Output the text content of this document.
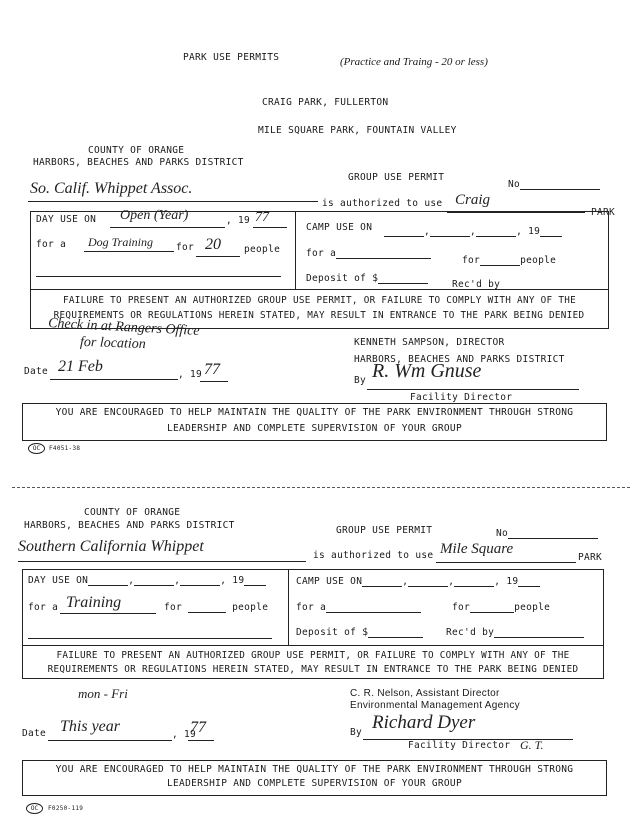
PARK USE PERMITS	(Practice and Traing - 20 or less)
CRAIG PARK, FULLERTON
MILE SQUARE PARK, FOUNTAIN VALLEY
COUNTY OF ORANGE
HARBORS, BEACHES AND PARKS DISTRICT
GROUP USE PERMIT
No
So. Calif. Whippet Assoc.
is authorized to use Craig
PARK
DAY USE ON Open (Year)	, 19 77
for a Dog Training for 20 people
CAMP USE ON	,	,	, 19
for a
for	people
Deposit of $
Rec'd by
FAILURE TO PRESENT AN AUTHORIZED GROUP USE PERMIT, OR FAILURE TO COMPLY WITH ANY OF THE
REQUIREMENTS OR REGULATIONS HEREIN STATED, MAY RESULT IN ENTRANCE TO THE PARK BEING DENIED
Check in at Rangers Office
for location	KENNETH SAMPSON, DIRECTOR
HARBORS, BEACHES AND PARKS DISTRICT
Date 21 Feb	, 19 77
By R. Wm Gnuse
Facility Director
YOU ARE ENCOURAGED TO HELP MAINTAIN THE QUALITY OF THE PARK ENVIRONMENT THROUGH STRONG
LEADERSHIP AND COMPLETE SUPERVISION OF YOUR GROUP
OC	F4051-38
COUNTY OF ORANGE
HARBORS, BEACHES AND PARKS DISTRICT	GROUP USE PERMIT	No
Southern California Whippet
is authorized to use Mile Square
PARK
DAY USE ON	,	,	, 19
for a Training	for	people
CAMP USE ON	,	,	, 19
for a	for	people
Deposit of $	Rec'd by
FAILURE TO PRESENT AN AUTHORIZED GROUP USE PERMIT, OR FAILURE TO COMPLY WITH ANY OF THE
REQUIREMENTS OR REGULATIONS HEREIN STATED, MAY RESULT IN ENTRANCE TO THE PARK BEING DENIED
mon - Fri	C. R. Nelson, Assistant Director
Environmental Management Agency
Date This year	, 19
77	By Richard Dyer
Facility Director G. T.
YOU ARE ENCOURAGED TO HELP MAINTAIN THE QUALITY OF THE PARK ENVIRONMENT THROUGH STRONG
LEADERSHIP AND COMPLETE SUPERVISION OF YOUR GROUP
OC	F0250-119
